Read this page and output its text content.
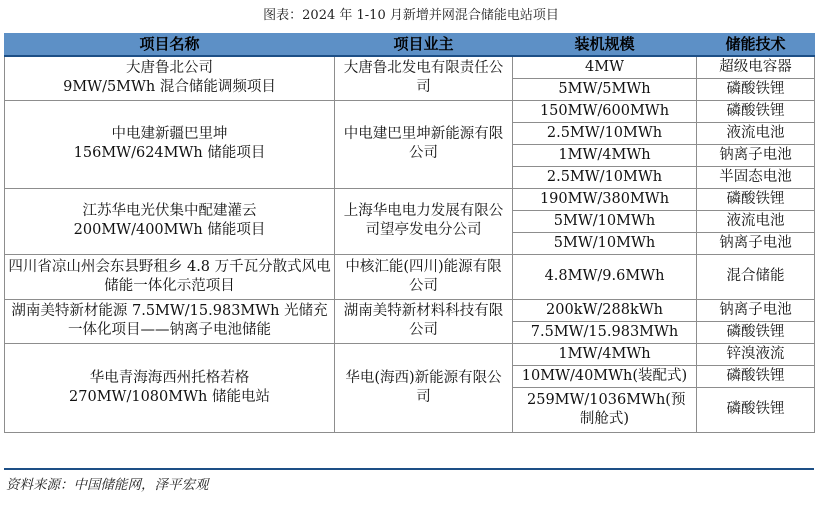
图表：2024 年 1-10 月新增并网混合储能电站项目
项目名称	项目业主	装机规模	储能技术
大唐鲁北公司
9MW/5MWh 混合储能调频项目	大唐鲁北发电有限责任公司	4MW	超级电容器
		5MW/5MWh	磷酸铁锂
中电建新疆巴里坤
156MW/624MWh 储能项目	中电建巴里坤新能源有限公司	150MW/600MWh	磷酸铁锂
		2.5MW/10MWh	液流电池
		1MW/4MWh	钠离子电池
		2.5MW/10MWh	半固态电池
江苏华电光伏集中配建灌云
200MW/400MWh 储能项目	上海华电电力发展有限公司望亭发电分公司	190MW/380MWh	磷酸铁锂
		5MW/10MWh	液流电池
		5MW/10MWh	钠离子电池
四川省凉山州会东县野租乡 4.8 万千瓦分散式风电储能一体化示范项目	中核汇能(四川)能源有限公司	4.8MW/9.6MWh	混合储能
湖南美特新材能源 7.5MW/15.983MWh 光储充一体化项目——钠离子电池储能	湖南美特新材料科技有限公司	200kW/288kWh	钠离子电池
		7.5MW/15.983MWh	磷酸铁锂
华电青海海西州托格若格
270MW/1080MWh 储能电站	华电(海西)新能源有限公司	1MW/4MWh	锌溴液流
		10MW/40MWh(装配式)	磷酸铁锂
		259MW/1036MWh(预制舱式)	磷酸铁锂
资料来源：中国储能网，泽平宏观
